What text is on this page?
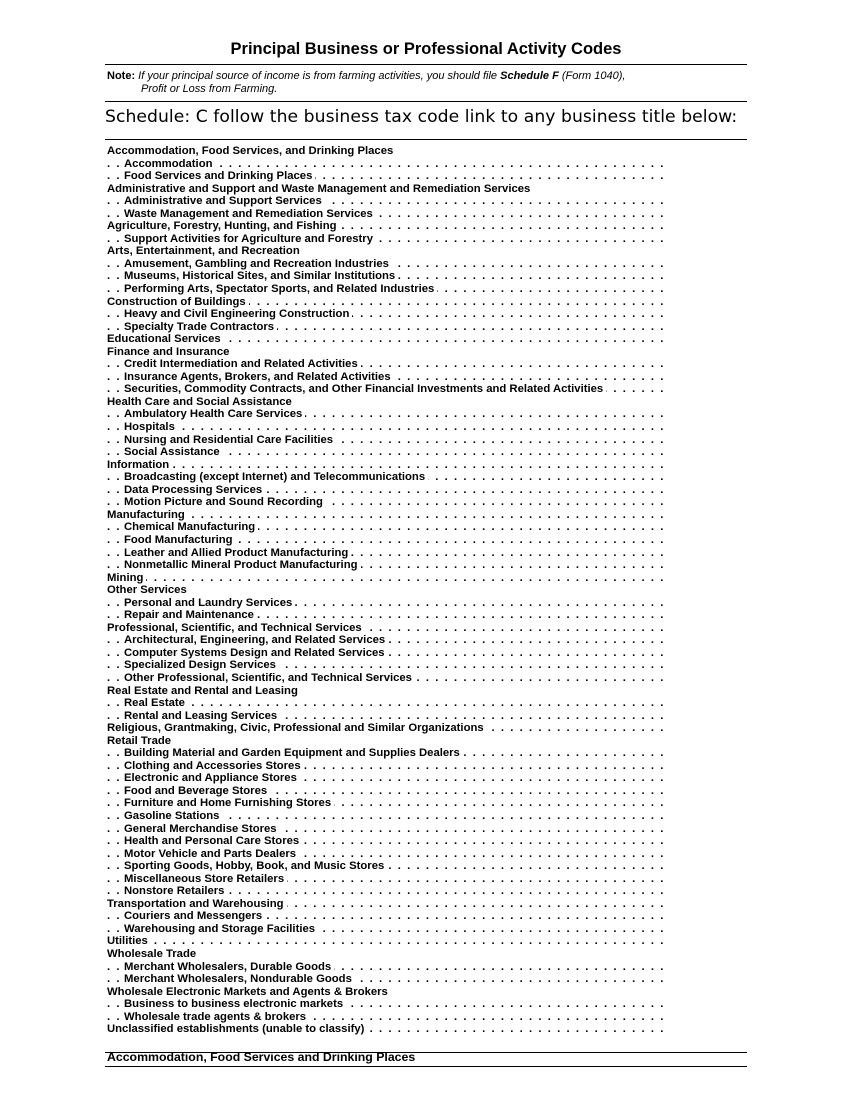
Principal Business or Professional Activity Codes
Note: If your principal source of income is from farming activities, you should file Schedule F (Form 1040),
Profit or Loss from Farming.
Schedule: C follow the business tax code link to any business title below:
Accommodation, Food Services, and Drinking Places
Accommodation . . .
Food Services and Drinking Places . . .
Administrative and Support and Waste Management and Remediation Services
Administrative and Support Services . . .
Waste Management and Remediation Services . . .
Agriculture, Forestry, Hunting, and Fishing . . .
Support Activities for Agriculture and Forestry . . .
Arts, Entertainment, and Recreation
Amusement, Gambling and Recreation Industries . . .
Museums, Historical Sites, and Similar Institutions . . .
Performing Arts, Spectator Sports, and Related Industries . . .
Construction of Buildings . . .
Heavy and Civil Engineering Construction . . .
Specialty Trade Contractors . . .
Educational Services . . .
Finance and Insurance
Credit Intermediation and Related Activities . . .
Insurance Agents, Brokers, and Related Activities . . .
Securities, Commodity Contracts, and Other Financial Investments and Related Activities . . .
Health Care and Social Assistance
Ambulatory Health Care Services . . .
Hospitals . . .
Nursing and Residential Care Facilities . . .
Social Assistance . . .
Information . . .
Broadcasting (except Internet) and Telecommunications . . .
Data Processing Services . . .
Motion Picture and Sound Recording . . .
Manufacturing . . .
Chemical Manufacturing . . .
Food Manufacturing . . .
Leather and Allied Product Manufacturing . . .
Nonmetallic Mineral Product Manufacturing . . .
Mining . . .
Other Services
Personal and Laundry Services . . .
Repair and Maintenance . . .
Professional, Scientific, and Technical Services . . .
Architectural, Engineering, and Related Services . . .
Computer Systems Design and Related Services . . .
Specialized Design Services . . .
Other Professional, Scientific, and Technical Services . . .
Real Estate and Rental and Leasing
Real Estate . . .
Rental and Leasing Services . . .
Religious, Grantmaking, Civic, Professional and Similar Organizations . . .
Retail Trade
Building Material and Garden Equipment and Supplies Dealers . . .
Clothing and Accessories Stores . . .
Electronic and Appliance Stores . . .
Food and Beverage Stores . . .
Furniture and Home Furnishing Stores . . .
Gasoline Stations . . .
General Merchandise Stores . . .
Health and Personal Care Stores . . .
Motor Vehicle and Parts Dealers . . .
Sporting Goods, Hobby, Book, and Music Stores . . .
Miscellaneous Store Retailers . . .
Nonstore Retailers . . .
Transportation and Warehousing . . .
Couriers and Messengers . . .
Warehousing and Storage Facilities . . .
Utilities . . .
Wholesale Trade
Merchant Wholesalers, Durable Goods . . .
Merchant Wholesalers, Nondurable Goods . . .
Wholesale Electronic Markets and Agents & Brokers
Business to business electronic markets . . .
Wholesale trade agents & brokers . . .
Unclassified establishments (unable to classify) . . .
Accommodation, Food Services and Drinking Places
